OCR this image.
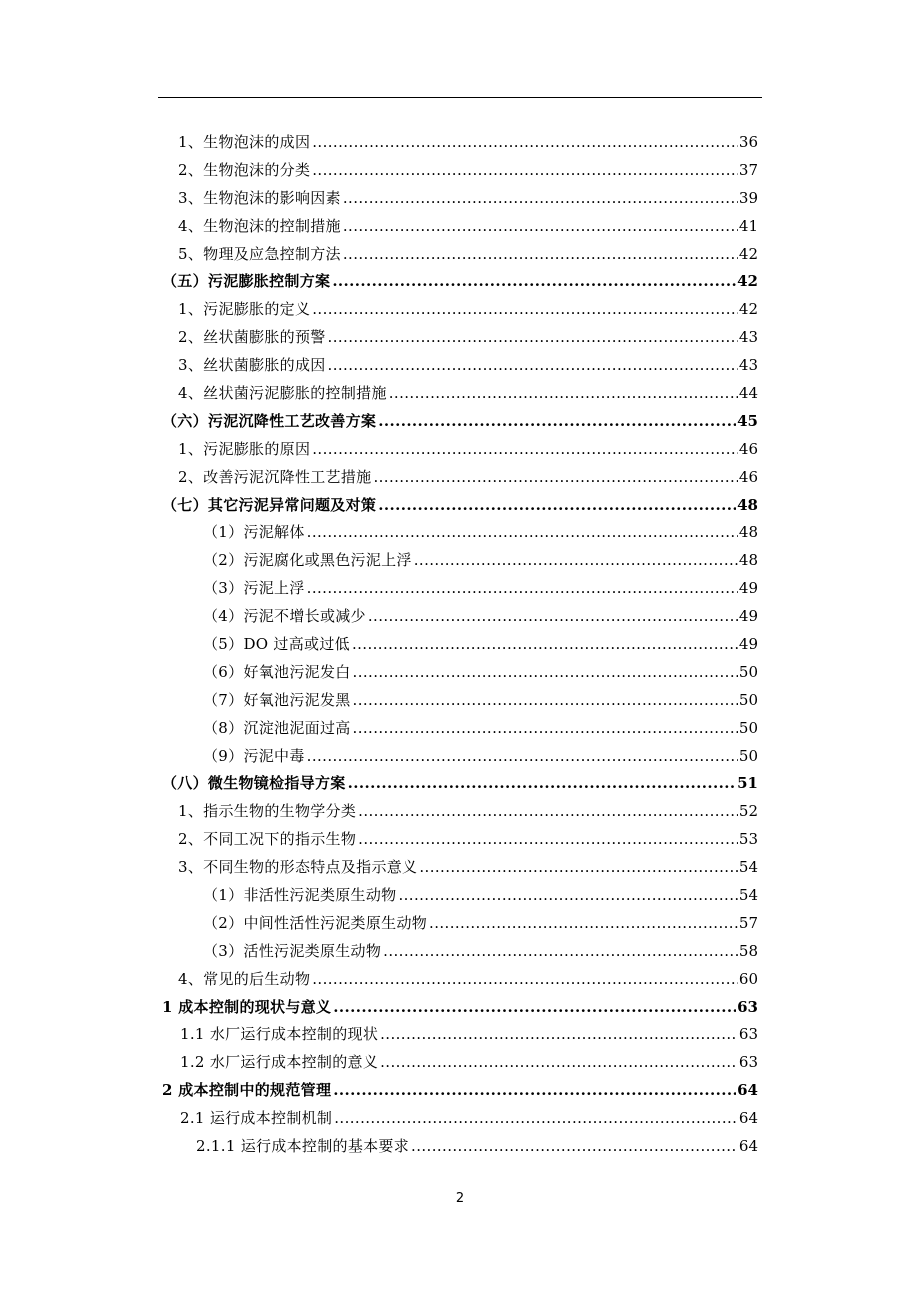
1、生物泡沫的成因 .....	36
2、生物泡沫的分类 .....	37
3、生物泡沫的影响因素 .....	39
4、生物泡沫的控制措施 .....	41
5、物理及应急控制方法 .....	42
（五）污泥膨胀控制方案 .....	42
1、污泥膨胀的定义 .....	42
2、丝状菌膨胀的预警 .....	43
3、丝状菌膨胀的成因 .....	43
4、丝状菌污泥膨胀的控制措施 .....	44
（六）污泥沉降性工艺改善方案 .....	45
1、污泥膨胀的原因 .....	46
2、改善污泥沉降性工艺措施 .....	46
（七）其它污泥异常问题及对策 .....	48
（1）污泥解体 .....	48
（2）污泥腐化或黑色污泥上浮 .....	48
（3）污泥上浮 .....	49
（4）污泥不增长或减少 .....	49
（5）DO 过高或过低 .....	49
（6）好氧池污泥发白 .....	50
（7）好氧池污泥发黑 .....	50
（8）沉淀池泥面过高 .....	50
（9）污泥中毒 .....	50
（八）微生物镜检指导方案 .....	51
1、指示生物的生物学分类 .....	52
2、不同工况下的指示生物 .....	53
3、不同生物的形态特点及指示意义 .....	54
（1）非活性污泥类原生动物 .....	54
（2）中间性活性污泥类原生动物 .....	57
（3）活性污泥类原生动物 .....	58
4、常见的后生动物 .....	60
1 成本控制的现状与意义 .....	63
1.1 水厂运行成本控制的现状 .....	63
1.2 水厂运行成本控制的意义 .....	63
2 成本控制中的规范管理 .....	64
2.1 运行成本控制机制 .....	64
2.1.1 运行成本控制的基本要求 .....	64
2
